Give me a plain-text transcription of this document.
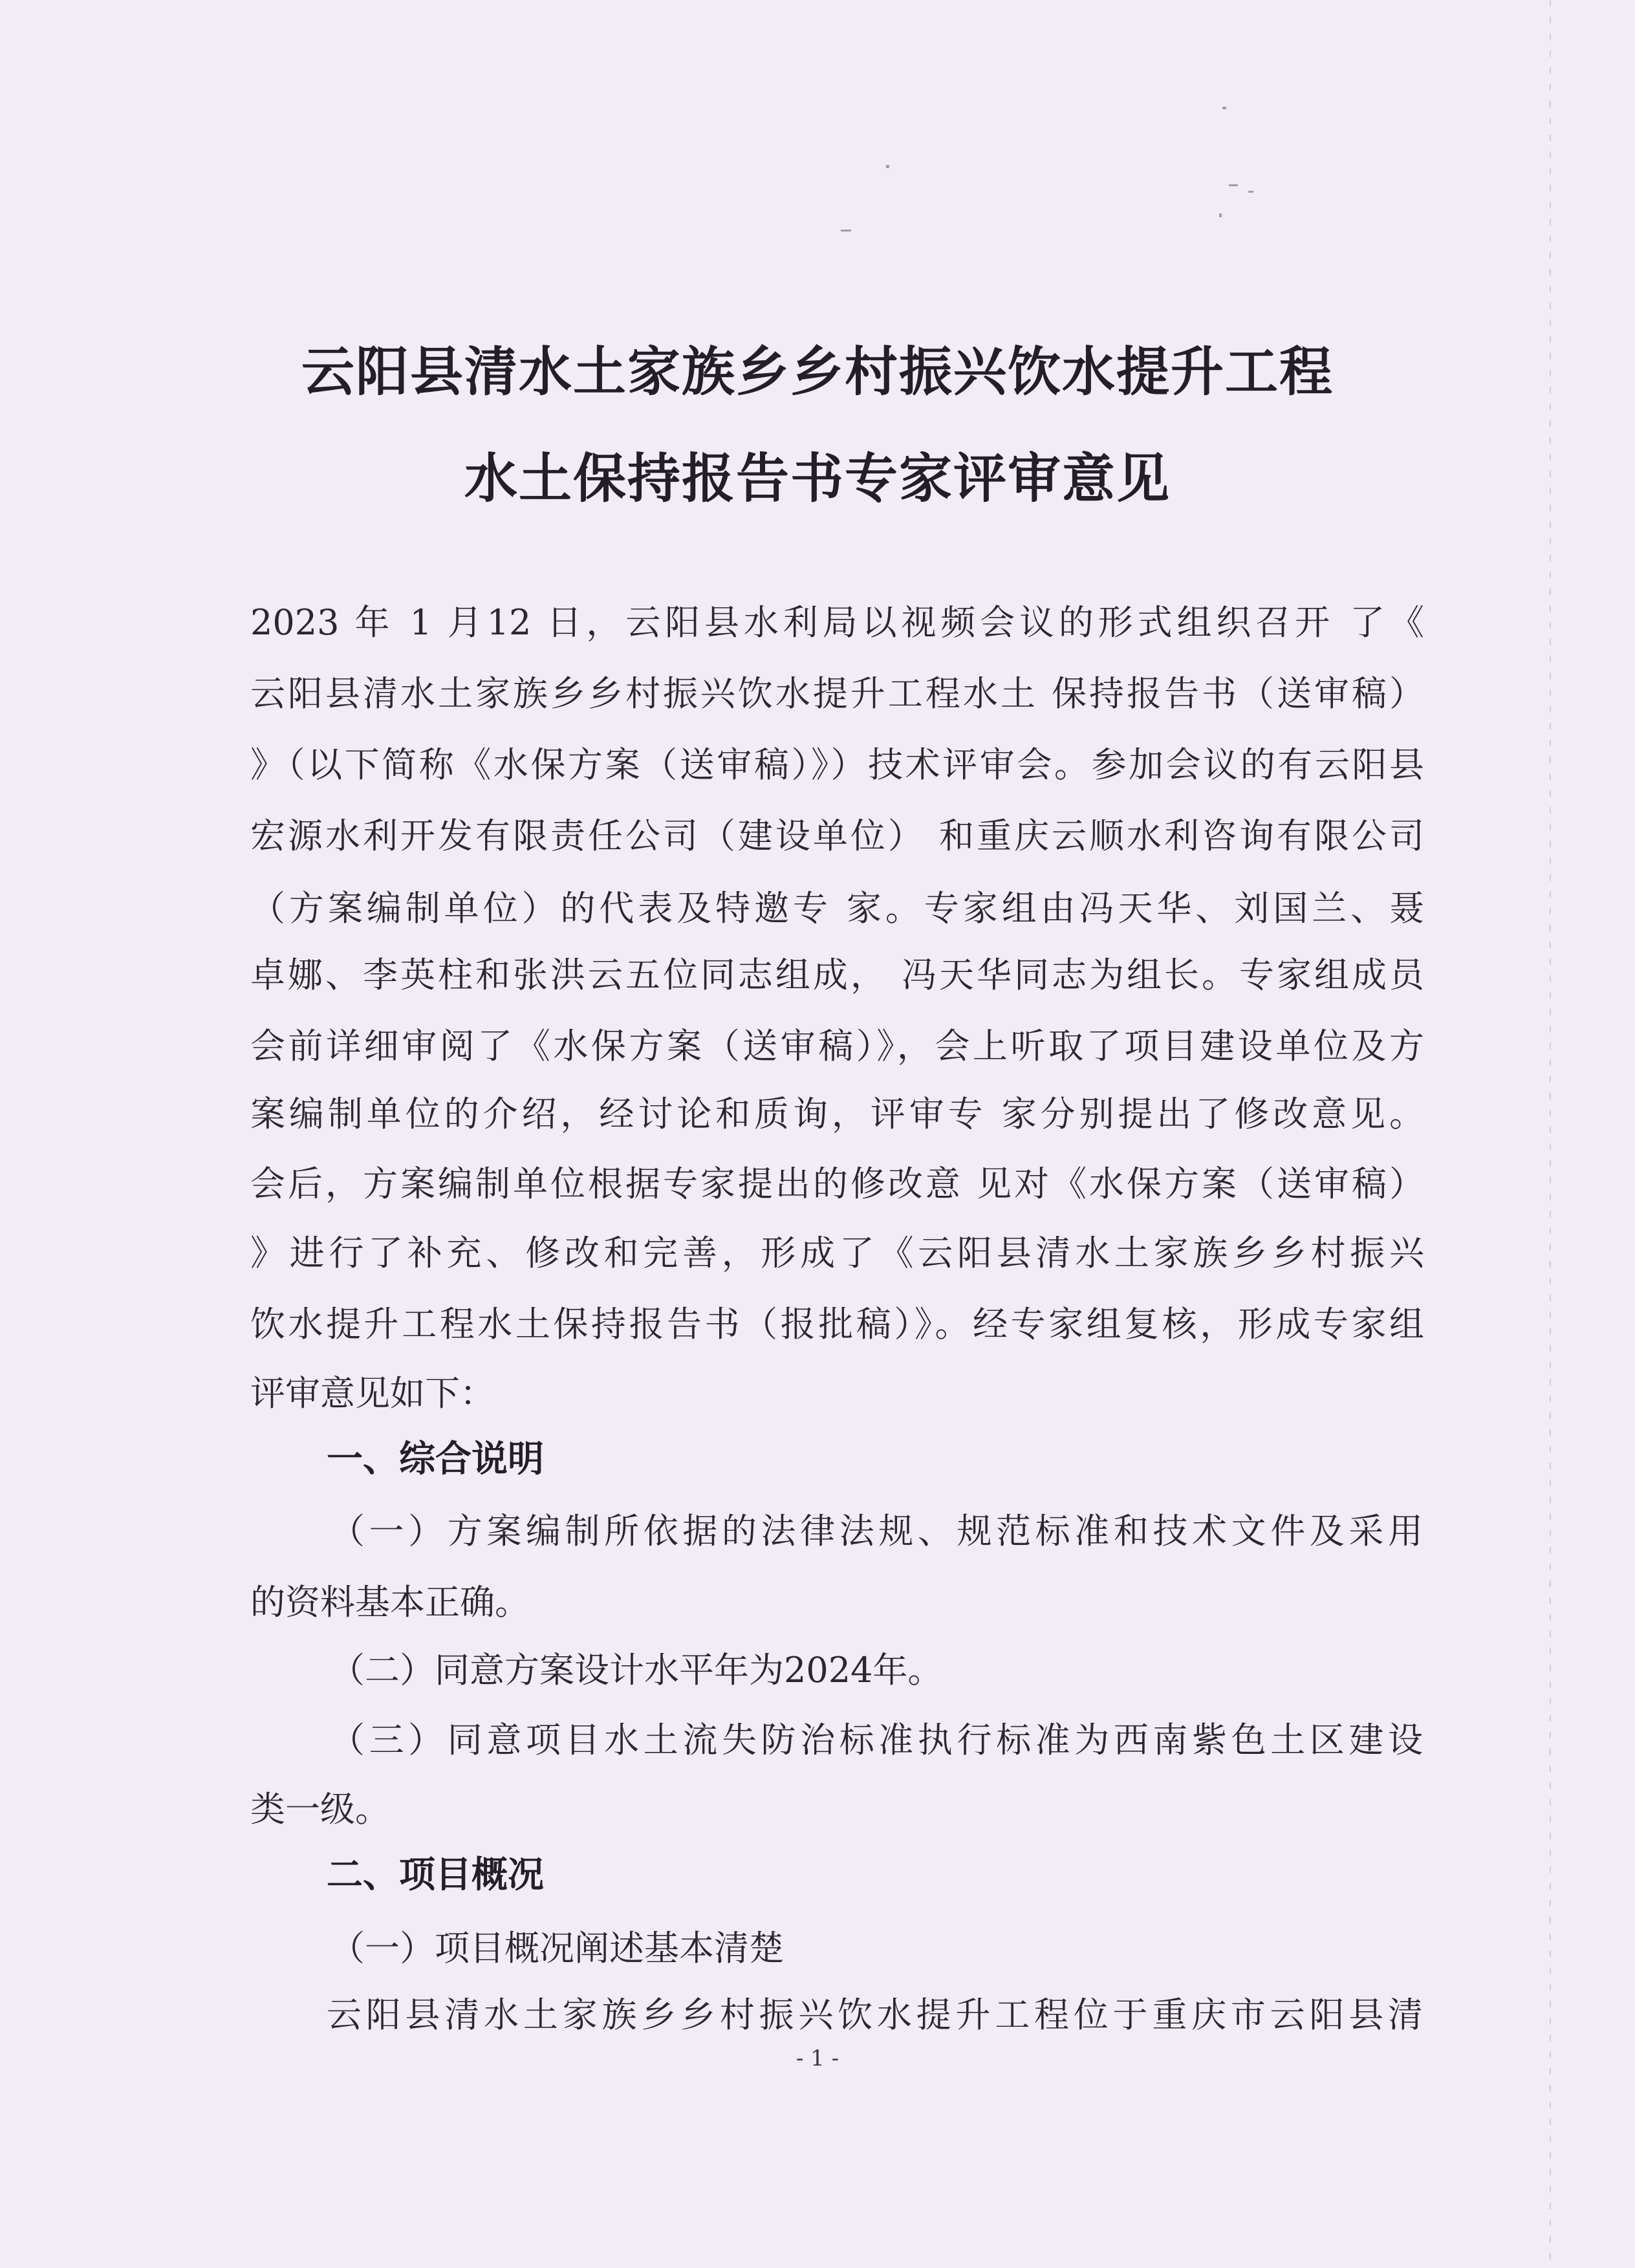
云阳县清水土家族乡乡村振兴饮水提升工程
水土保持报告书专家评审意见
2023 年 1 月12 日，云阳县水利局以视频会议的形式组织召开 了《
云阳县清水土家族乡乡村振兴饮水提升工程水土 保持报告书（送审稿）
》（以下简称《水保方案（送审稿）》）技术评审会。参加会议的有云阳县
宏源水利开发有限责任公司（建设单位） 和重庆云顺水利咨询有限公司
（方案编制单位）的代表及特邀专 家。专家组由冯天华、刘国兰、聂
卓娜、李英柱和张洪云五位同志组成， 冯天华同志为组长。专家组成员
会前详细审阅了《水保方案（送审稿）》，会上听取了项目建设单位及方
案编制单位的介绍，经讨论和质询，评审专 家分别提出了修改意见。
会后，方案编制单位根据专家提出的修改意 见对《水保方案（送审稿）
》进行了补充、修改和完善，形成了《云阳县清水土家族乡乡村振兴
饮水提升工程水土保持报告书（报批稿）》。经专家组复核，形成专家组
评审意见如下：
一、综合说明
（一）方案编制所依据的法律法规、规范标准和技术文件及采用
的资料基本正确。
（二）同意方案设计水平年为2024年。
（三）同意项目水土流失防治标准执行标准为西南紫色土区建设
类一级。
二、项目概况
（一）项目概况阐述基本清楚
云阳县清水土家族乡乡村振兴饮水提升工程位于重庆市云阳县清
- 1 -
